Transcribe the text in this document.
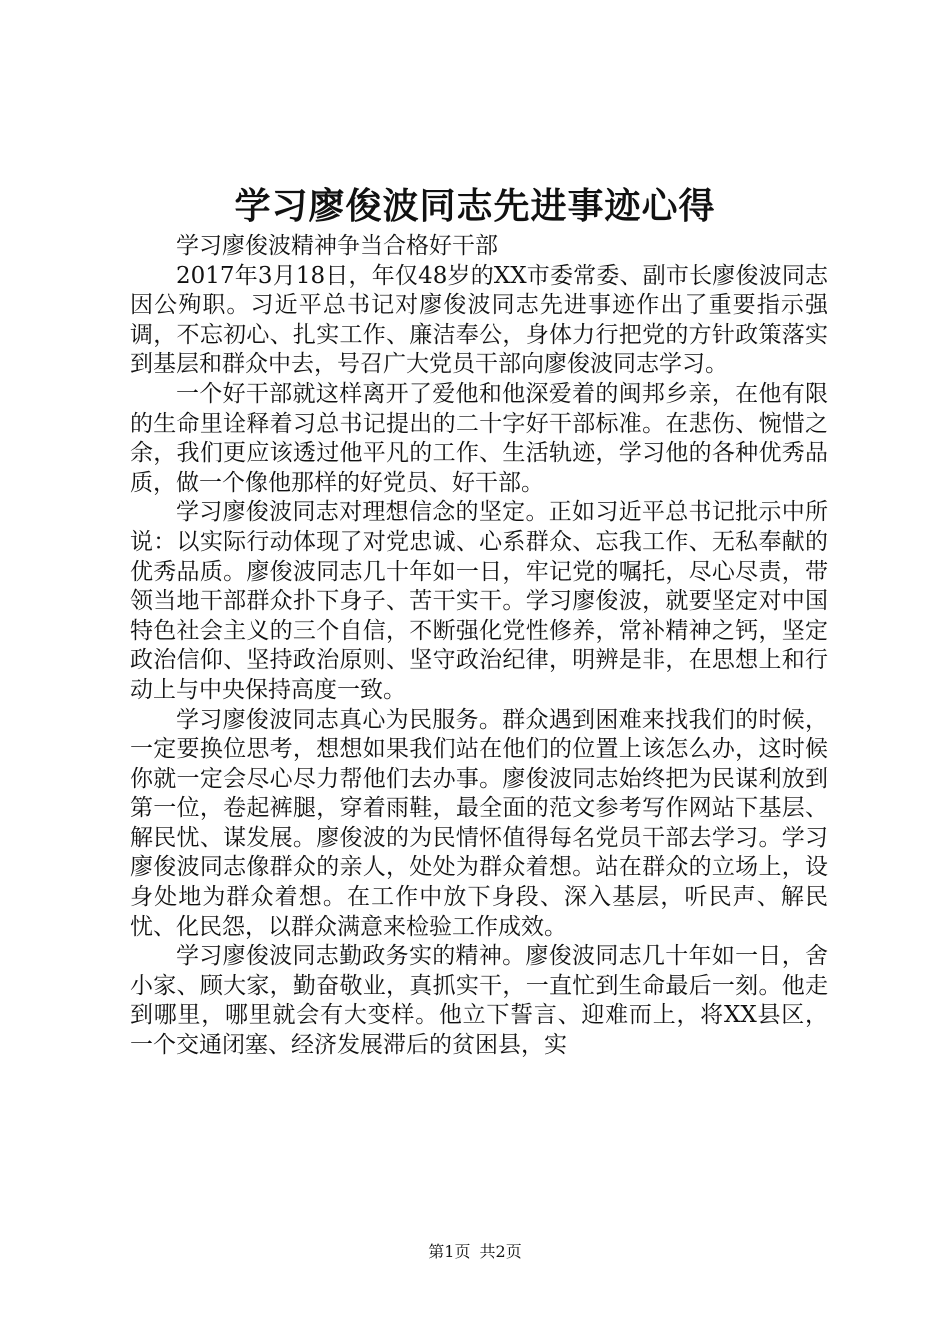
学习廖俊波同志先进事迹心得

学习廖俊波精神争当合格好干部

2017年3月18日，年仅48岁的XX市委常委、副市长廖俊波同志因公殉职。习近平总书记对廖俊波同志先进事迹作出了重要指示强调，不忘初心、扎实工作、廉洁奉公，身体力行把党的方针政策落实到基层和群众中去，号召广大党员干部向廖俊波同志学习。

一个好干部就这样离开了爱他和他深爱着的闽邦乡亲，在他有限的生命里诠释着习总书记提出的二十字好干部标准。在悲伤、惋惜之余，我们更应该透过他平凡的工作、生活轨迹，学习他的各种优秀品质，做一个像他那样的好党员、好干部。

学习廖俊波同志对理想信念的坚定。正如习近平总书记批示中所说：以实际行动体现了对党忠诚、心系群众、忘我工作、无私奉献的优秀品质。廖俊波同志几十年如一日，牢记党的嘱托，尽心尽责，带领当地干部群众扑下身子、苦干实干。学习廖俊波，就要坚定对中国特色社会主义的三个自信，不断强化党性修养，常补精神之钙，坚定政治信仰、坚持政治原则、坚守政治纪律，明辨是非，在思想上和行动上与中央保持高度一致。

学习廖俊波同志真心为民服务。群众遇到困难来找我们的时候，一定要换位思考，想想如果我们站在他们的位置上该怎么办，这时候你就一定会尽心尽力帮他们去办事。廖俊波同志始终把为民谋利放到第一位，卷起裤腿，穿着雨鞋，最全面的范文参考写作网站下基层、解民忧、谋发展。廖俊波的为民情怀值得每名党员干部去学习。学习廖俊波同志像群众的亲人，处处为群众着想。站在群众的立场上，设身处地为群众着想。在工作中放下身段、深入基层，听民声、解民忧、化民怨，以群众满意来检验工作成效。

学习廖俊波同志勤政务实的精神。廖俊波同志几十年如一日，舍小家、顾大家，勤奋敬业，真抓实干，一直忙到生命最后一刻。他走到哪里，哪里就会有大变样。他立下誓言、迎难而上，将XX县区，一个交通闭塞、经济发展滞后的贫困县，实

第1页 共2页
